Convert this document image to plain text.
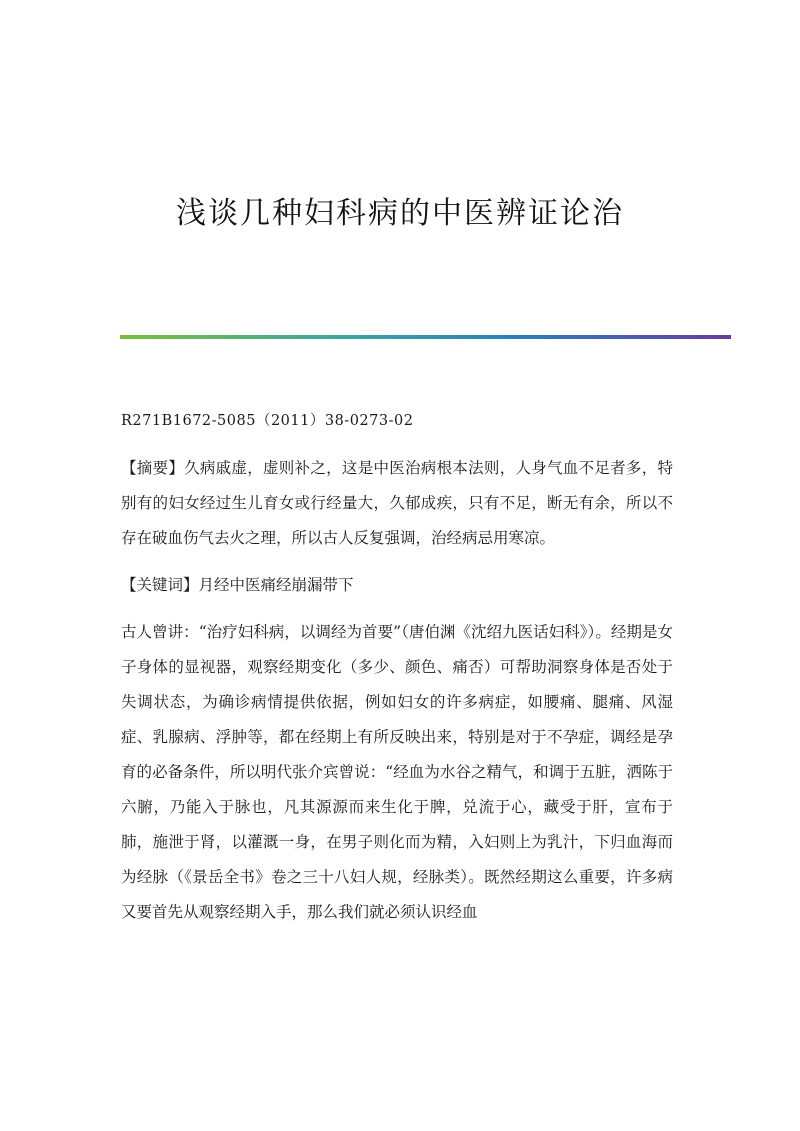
浅谈几种妇科病的中医辨证论治

R271B1672-5085（2011）38-0273-02

【摘要】久病戚虚，虚则补之，这是中医治病根本法则，人身气血不足者多，特别有的妇女经过生儿育女或行经量大，久郁成疾，只有不足，断无有余，所以不存在破血伤气去火之理，所以古人反复强调，治经病忌用寒凉。

【关键词】月经中医痛经崩漏带下

古人曾讲：“治疗妇科病，以调经为首要”（唐伯渊《沈绍九医话妇科》）。经期是女子身体的显视器，观察经期变化（多少、颜色、痛否）可帮助洞察身体是否处于失调状态，为确诊病情提供依据，例如妇女的许多病症，如腰痛、腿痛、风湿症、乳腺病、浮肿等，都在经期上有所反映出来，特别是对于不孕症，调经是孕育的必备条件，所以明代张介宾曾说：“经血为水谷之精气，和调于五脏，洒陈于六腑，乃能入于脉也，凡其源源而来生化于脾，兑流于心，藏受于肝，宣布于肺，施泄于肾，以灌溉一身，在男子则化而为精，入妇则上为乳汁，下归血海而为经脉（《景岳全书》卷之三十八妇人规，经脉类）。既然经期这么重要，许多病又要首先从观察经期入手，那么我们就必须认识经血
